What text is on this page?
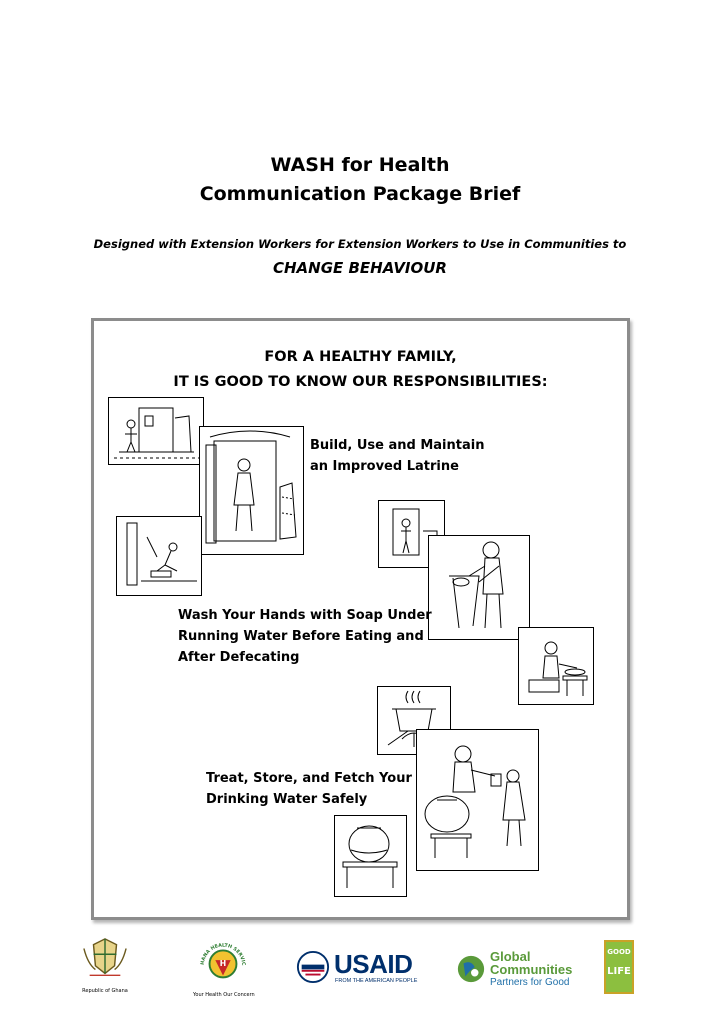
WASH for Health
Communication Package Brief
Designed with Extension Workers for Extension Workers to Use in Communities to
CHANGE BEHAVIOUR
FOR A HEALTHY FAMILY,
IT IS GOOD TO KNOW OUR RESPONSIBILITIES:
Build, Use and Maintain
an Improved Latrine
Wash Your Hands with Soap Under
Running Water Before Eating and
After Defecating
Treat, Store, and Fetch Your
Drinking Water Safely
Republic of Ghana
H
HANA HEALTH SERVIC
Your Health Our Concern
USAID
FROM THE AMERICAN PEOPLE
Global
Communities
Partners for Good
GOOD
LIFE
